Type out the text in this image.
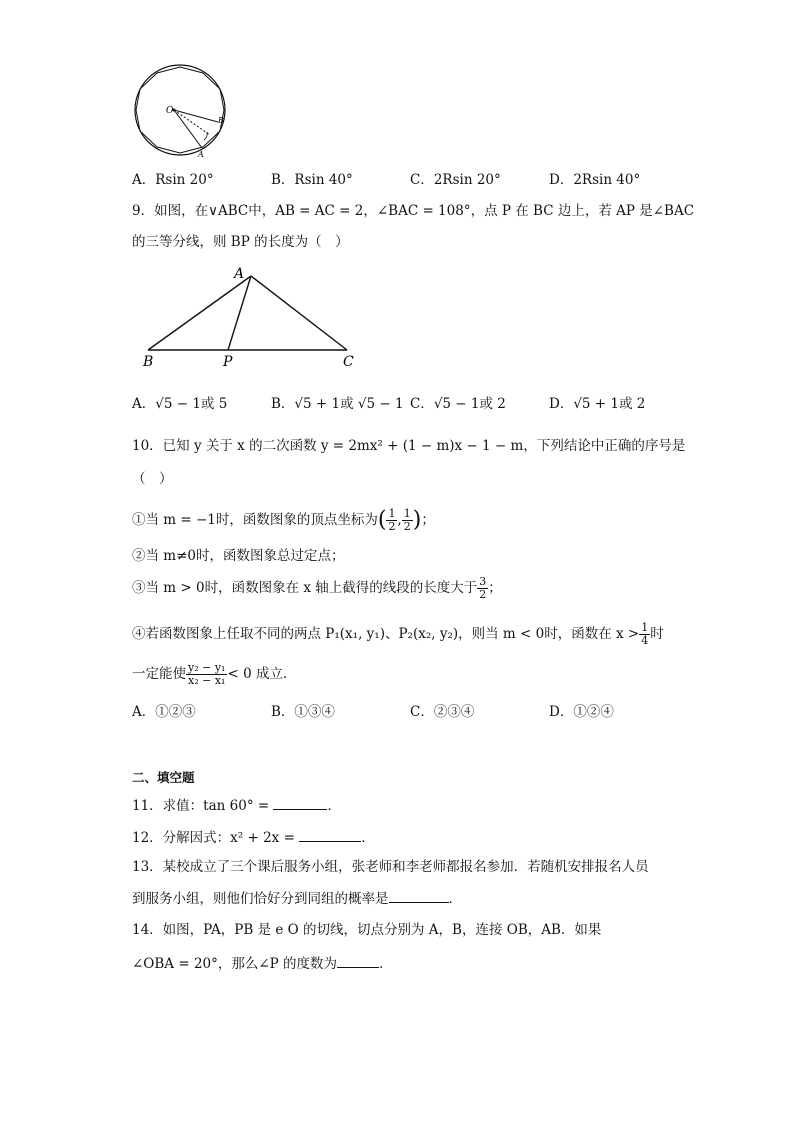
O
B
A
A．Rsin 20°	B．Rsin 40°	C．2Rsin 20°	D．2Rsin 40°
9．如图，在∨ABC中，AB = AC = 2，∠BAC = 108°，点 P 在 BC 边上，若 AP 是∠BAC
的三等分线，则 BP 的长度为（　）
A
B	P	C
A．√5 − 1或 5	B．√5 + 1或 √5 − 1 C．√5 − 1或 2	D．√5 + 1或 2
10．已知 y 关于 x 的二次函数 y = 2mx² + (1 − m)x − 1 − m，下列结论中正确的序号是
（　）
①当 m = −1时，函数图象的顶点坐标为( $\frac{1}{2}$ , $\frac{1}{2}$ )；
②当 m≠0时，函数图象总过定点；
③当 m > 0时，函数图象在 x 轴上截得的线段的长度大于 $\frac{3}{2}$ ；
④若函数图象上任取不同的两点 P₁(x₁, y₁)、P₂(x₂, y₂)，则当 m < 0时，函数在 $x > \frac{1}{4}$ 时
一定能使 $\frac{\text{y₂ − y₁}}{\text{x₂ − x₁}} < 0$ 成立．
A．①②③	B．①③④	C．②③④	D．①②④
二、填空题
11．求值：tan 60° =	．
12．分解因式：x² + 2x =	．
13．某校成立了三个课后服务小组，张老师和李老师都报名参加．若随机安排报名人员
到服务小组，则他们恰好分到同组的概率是	．
14．如图，PA，PB 是 e O 的切线，切点分别为 A，B，连接 OB，AB．如果
∠OBA = 20°，那么∠P 的度数为	．
